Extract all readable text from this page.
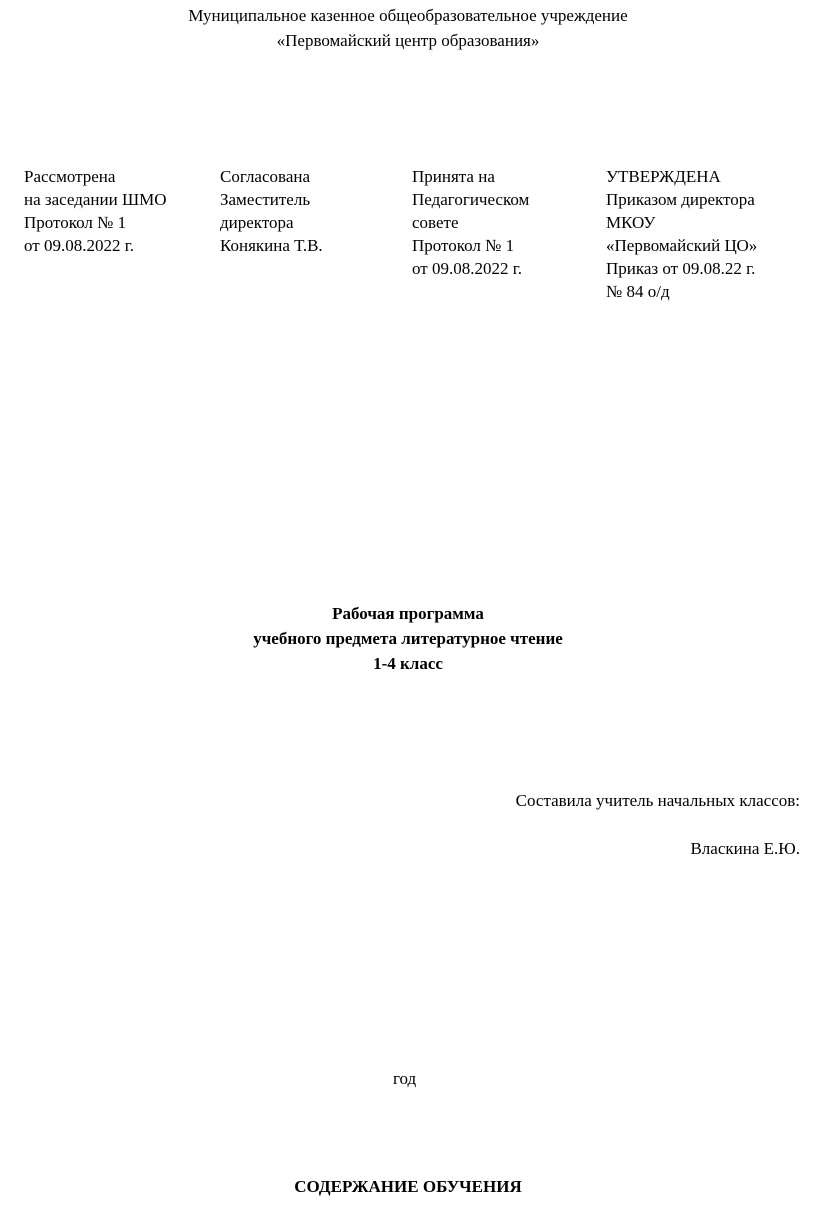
Муниципальное казенное общеобразовательное учреждение
«Первомайский центр образования»
Рассмотрена
на заседании ШМО
Протокол № 1
от 09.08.2022 г.
Согласована
Заместитель
директора
Конякина Т.В.
Принята на
Педагогическом
совете
Протокол № 1
от 09.08.2022 г.
УТВЕРЖДЕНА
Приказом директора
МКОУ
«Первомайский ЦО»
Приказ от 09.08.22 г.
№ 84 о/д
Рабочая программа
учебного предмета литературное чтение
1-4 класс
Составила учитель начальных классов:
Власкина Е.Ю.
год
СОДЕРЖАНИЕ ОБУЧЕНИЯ
